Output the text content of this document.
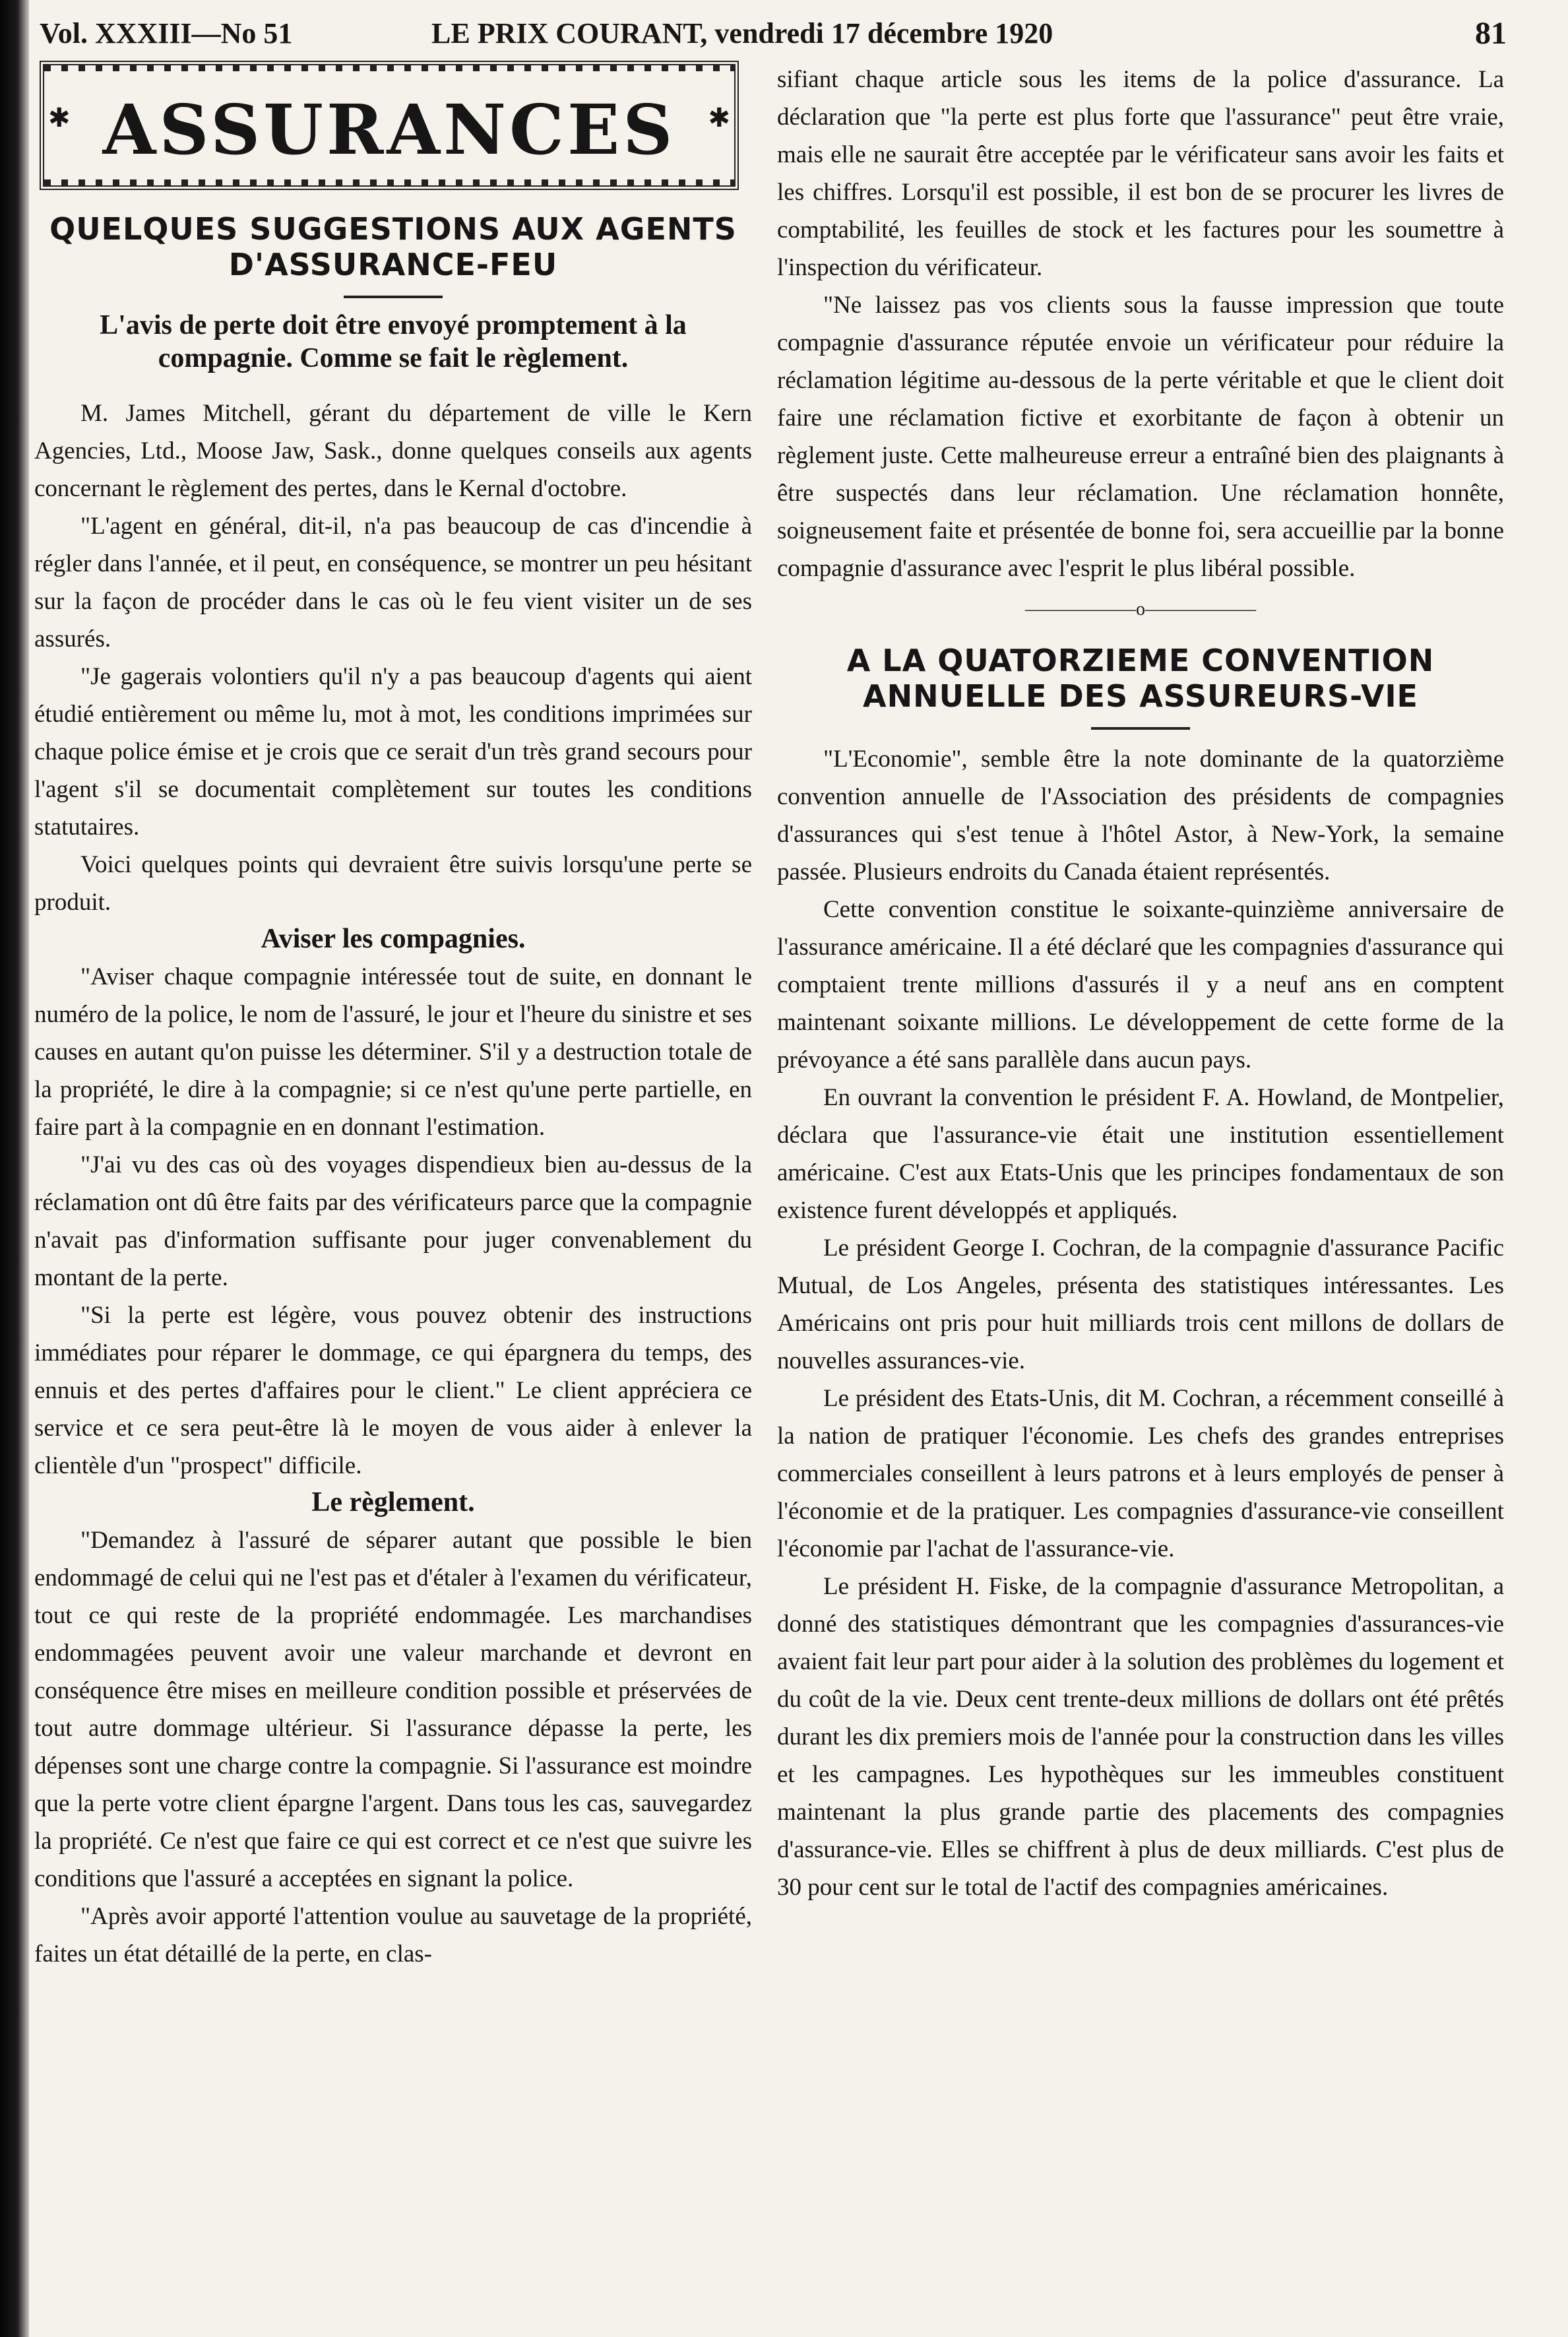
Vol. XXXIII—No 51	LE PRIX COURANT, vendredi 17 décembre 1920	81
✱ ASSURANCES	✱
QUELQUES SUGGESTIONS AUX AGENTS D'ASSURANCE-FEU
L'avis de perte doit être envoyé promptement à la compagnie. Comme se fait le règlement.

M. James Mitchell, gérant du département de ville le Kern Agencies, Ltd., Moose Jaw, Sask., donne quelques conseils aux agents concernant le règlement des pertes, dans le Kernal d'octobre.

"L'agent en général, dit-il, n'a pas beaucoup de cas d'incendie à régler dans l'année, et il peut, en conséquence, se montrer un peu hésitant sur la façon de procéder dans le cas où le feu vient visiter un de ses assurés.

"Je gagerais volontiers qu'il n'y a pas beaucoup d'agents qui aient étudié entièrement ou même lu, mot à mot, les conditions imprimées sur chaque police émise et je crois que ce serait d'un très grand secours pour l'agent s'il se documentait complètement sur toutes les conditions statutaires.

Voici quelques points qui devraient être suivis lorsqu'une perte se produit.

Aviser les compagnies.

"Aviser chaque compagnie intéressée tout de suite, en donnant le numéro de la police, le nom de l'assuré, le jour et l'heure du sinistre et ses causes en autant qu'on puisse les déterminer. S'il y a destruction totale de la propriété, le dire à la compagnie; si ce n'est qu'une perte partielle, en faire part à la compagnie en en donnant l'estimation.

"J'ai vu des cas où des voyages dispendieux bien au-dessus de la réclamation ont dû être faits par des vérificateurs parce que la compagnie n'avait pas d'information suffisante pour juger convenablement du montant de la perte.

"Si la perte est légère, vous pouvez obtenir des instructions immédiates pour réparer le dommage, ce qui épargnera du temps, des ennuis et des pertes d'affaires pour le client." Le client appréciera ce service et ce sera peut-être là le moyen de vous aider à enlever la clientèle d'un "prospect" difficile.

Le règlement.

"Demandez à l'assuré de séparer autant que possible le bien endommagé de celui qui ne l'est pas et d'étaler à l'examen du vérificateur, tout ce qui reste de la propriété endommagée. Les marchandises endommagées peuvent avoir une valeur marchande et devront en conséquence être mises en meilleure condition possible et préservées de tout autre dommage ultérieur. Si l'assurance dépasse la perte, les dépenses sont une charge contre la compagnie. Si l'assurance est moindre que la perte votre client épargne l'argent. Dans tous les cas, sauvegardez la propriété. Ce n'est que faire ce qui est correct et ce n'est que suivre les conditions que l'assuré a acceptées en signant la police.

"Après avoir apporté l'attention voulue au sauvetage de la propriété, faites un état détaillé de la perte, en clas-

sifiant chaque article sous les items de la police d'assurance. La déclaration que "la perte est plus forte que l'assurance" peut être vraie, mais elle ne saurait être acceptée par le vérificateur sans avoir les faits et les chiffres. Lorsqu'il est possible, il est bon de se procurer les livres de comptabilité, les feuilles de stock et les factures pour les soumettre à l'inspection du vérificateur.

"Ne laissez pas vos clients sous la fausse impression que toute compagnie d'assurance réputée envoie un vérificateur pour réduire la réclamation légitime au-dessous de la perte véritable et que le client doit faire une réclamation fictive et exorbitante de façon à obtenir un règlement juste. Cette malheureuse erreur a entraîné bien des plaignants à être suspectés dans leur réclamation. Une réclamation honnête, soigneusement faite et présentée de bonne foi, sera accueillie par la bonne compagnie d'assurance avec l'esprit le plus libéral possible.

——————o——————
A LA QUATORZIEME CONVENTION ANNUELLE DES ASSUREURS-VIE

"L'Economie", semble être la note dominante de la quatorzième convention annuelle de l'Association des présidents de compagnies d'assurances qui s'est tenue à l'hôtel Astor, à New-York, la semaine passée. Plusieurs endroits du Canada étaient représentés.

Cette convention constitue le soixante-quinzième anniversaire de l'assurance américaine. Il a été déclaré que les compagnies d'assurance qui comptaient trente millions d'assurés il y a neuf ans en comptent maintenant soixante millions. Le développement de cette forme de la prévoyance a été sans parallèle dans aucun pays.

En ouvrant la convention le président F. A. Howland, de Montpelier, déclara que l'assurance-vie était une institution essentiellement américaine. C'est aux Etats-Unis que les principes fondamentaux de son existence furent développés et appliqués.

Le président George I. Cochran, de la compagnie d'assurance Pacific Mutual, de Los Angeles, présenta des statistiques intéressantes. Les Américains ont pris pour huit milliards trois cent millons de dollars de nouvelles assurances-vie.

Le président des Etats-Unis, dit M. Cochran, a récemment conseillé à la nation de pratiquer l'économie. Les chefs des grandes entreprises commerciales conseillent à leurs patrons et à leurs employés de penser à l'économie et de la pratiquer. Les compagnies d'assurance-vie conseillent l'économie par l'achat de l'assurance-vie.

Le président H. Fiske, de la compagnie d'assurance Metropolitan, a donné des statistiques démontrant que les compagnies d'assurances-vie avaient fait leur part pour aider à la solution des problèmes du logement et du coût de la vie. Deux cent trente-deux millions de dollars ont été prêtés durant les dix premiers mois de l'année pour la construction dans les villes et les campagnes. Les hypothèques sur les immeubles constituent maintenant la plus grande partie des placements des compagnies d'assurance-vie. Elles se chiffrent à plus de deux milliards. C'est plus de 30 pour cent sur le total de l'actif des compagnies américaines.
